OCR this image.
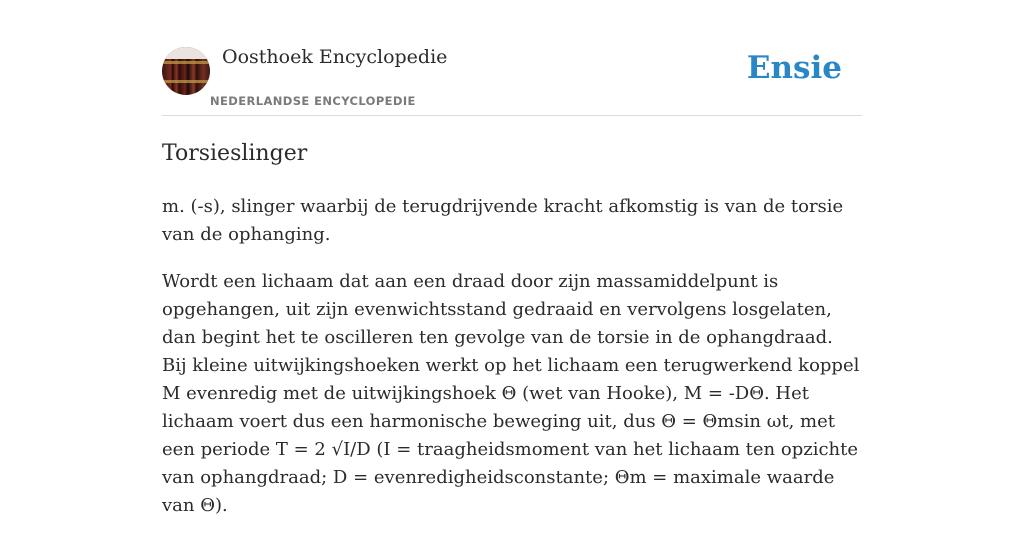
Oosthoek Encyclopedie
NEDERLANDSE ENCYCLOPEDIE
Ensie
Torsieslinger

m. (-s), slinger waarbij de terugdrijvende kracht afkomstig is van de torsie van de ophanging.

Wordt een lichaam dat aan een draad door zijn massamiddelpunt is opgehangen, uit zijn evenwichtsstand gedraaid en vervolgens losgelaten, dan begint het te oscilleren ten gevolge van de torsie in de ophangdraad. Bij kleine uitwijkingshoeken werkt op het lichaam een terugwerkend koppel M evenredig met de uitwijkingshoek Θ (wet van Hooke), M = -DΘ. Het lichaam voert dus een harmonische beweging uit, dus Θ = Θmsin ωt, met een periode T = 2 √I/D (I = traagheidsmoment van het lichaam ten opzichte van ophangdraad; D = evenredigheidsconstante; Θm = maximale waarde van Θ).
